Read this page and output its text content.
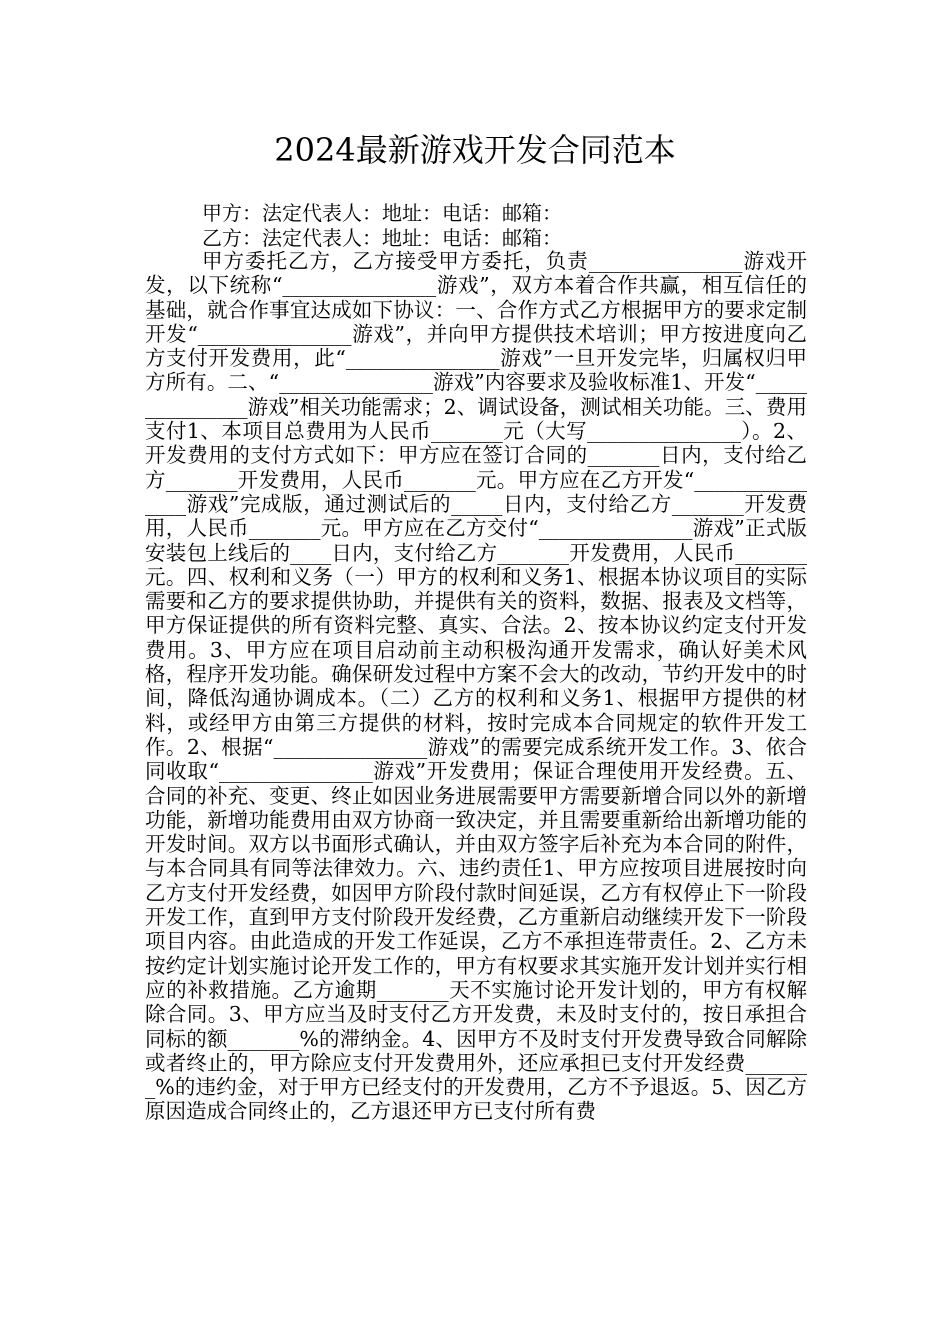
2024最新游戏开发合同范本

甲方：法定代表人：地址：电话：邮箱：

乙方：法定代表人：地址：电话：邮箱：

甲方委托乙方，乙方接受甲方委托，负责_______________游戏开发，以下统称“_______________游戏”，双方本着合作共赢，相互信任的基础，就合作事宜达成如下协议：一、合作方式乙方根据甲方的要求定制开发“_______________游戏”，并向甲方提供技术培训；甲方按进度向乙方支付开发费用，此“_______________游戏”一旦开发完毕，归属权归甲方所有。二、“_______________游戏”内容要求及验收标准1、开发“_______________游戏”相关功能需求；2、调试设备，测试相关功能。三、费用支付1、本项目总费用为人民币_______元（大写_______________）。2、开发费用的支付方式如下：甲方应在签订合同的_______日内，支付给乙方_______开发费用，人民币_______元。甲方应在乙方开发“_______________游戏”完成版，通过测试后的_____日内，支付给乙方_______开发费用，人民币_______元。甲方应在乙方交付“_______________游戏”正式版安装包上线后的____日内，支付给乙方_______开发费用，人民币_______元。四、权利和义务（一）甲方的权利和义务1、根据本协议项目的实际需要和乙方的要求提供协助，并提供有关的资料，数据、报表及文档等，甲方保证提供的所有资料完整、真实、合法。2、按本协议约定支付开发费用。3、甲方应在项目启动前主动积极沟通开发需求，确认好美术风格，程序开发功能。确保研发过程中方案不会大的改动，节约开发中的时间，降低沟通协调成本。（二）乙方的权利和义务1、根据甲方提供的材料，或经甲方由第三方提供的材料，按时完成本合同规定的软件开发工作。2、根据“_______________游戏”的需要完成系统开发工作。3、依合同收取“_______________游戏”开发费用；保证合理使用开发经费。五、合同的补充、变更、终止如因业务进展需要甲方需要新增合同以外的新增功能，新增功能费用由双方协商一致决定，并且需要重新给出新增功能的开发时间。双方以书面形式确认，并由双方签字后补充为本合同的附件，与本合同具有同等法律效力。六、违约责任1、甲方应按项目进展按时向乙方支付开发经费，如因甲方阶段付款时间延误，乙方有权停止下一阶段开发工作，直到甲方支付阶段开发经费，乙方重新启动继续开发下一阶段项目内容。由此造成的开发工作延误，乙方不承担连带责任。2、乙方未按约定计划实施讨论开发工作的，甲方有权要求其实施开发计划并实行相应的补救措施。乙方逾期_______天不实施讨论开发计划的，甲方有权解除合同。3、甲方应当及时支付乙方开发费，未及时支付的，按日承担合同标的额_______%的滞纳金。4、因甲方不及时支付开发费导致合同解除或者终止的，甲方除应支付开发费用外，还应承担已支付开发经费_______%的违约金，对于甲方已经支付的开发费用，乙方不予退返。5、因乙方原因造成合同终止的，乙方退还甲方已支付所有费
